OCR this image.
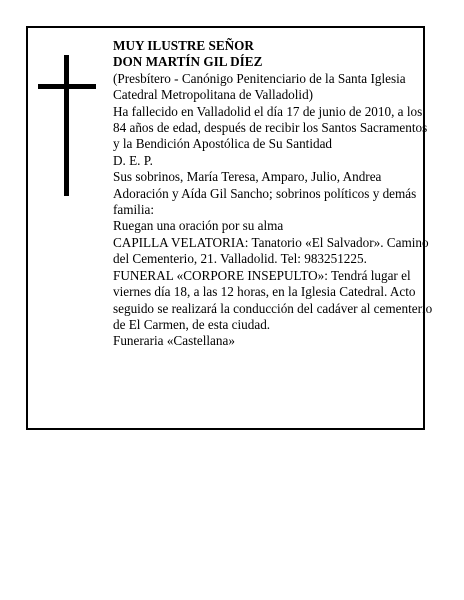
MUY ILUSTRE SEÑOR

DON MARTÍN GIL DÍEZ

(Presbítero - Canónigo Penitenciario de la Santa Iglesia Catedral Metropolitana de Valladolid)

Ha fallecido en Valladolid el día 17 de junio de 2010, a los 84 años de edad, después de recibir los Santos Sacramentos y la Bendición Apostólica de Su Santidad

D. E. P.

Sus sobrinos, María Teresa, Amparo, Julio, Andrea Adoración y Aída Gil Sancho; sobrinos políticos y demás familia:

Ruegan una oración por su alma

CAPILLA VELATORIA: Tanatorio «El Salvador». Camino del Cementerio, 21. Valladolid. Tel: 983251225.

FUNERAL «CORPORE INSEPULTO»: Tendrá lugar el viernes día 18, a las 12 horas, en la Iglesia Catedral. Acto seguido se realizará la conducción del cadáver al cementerio de El Carmen, de esta ciudad.

Funeraria «Castellana»
